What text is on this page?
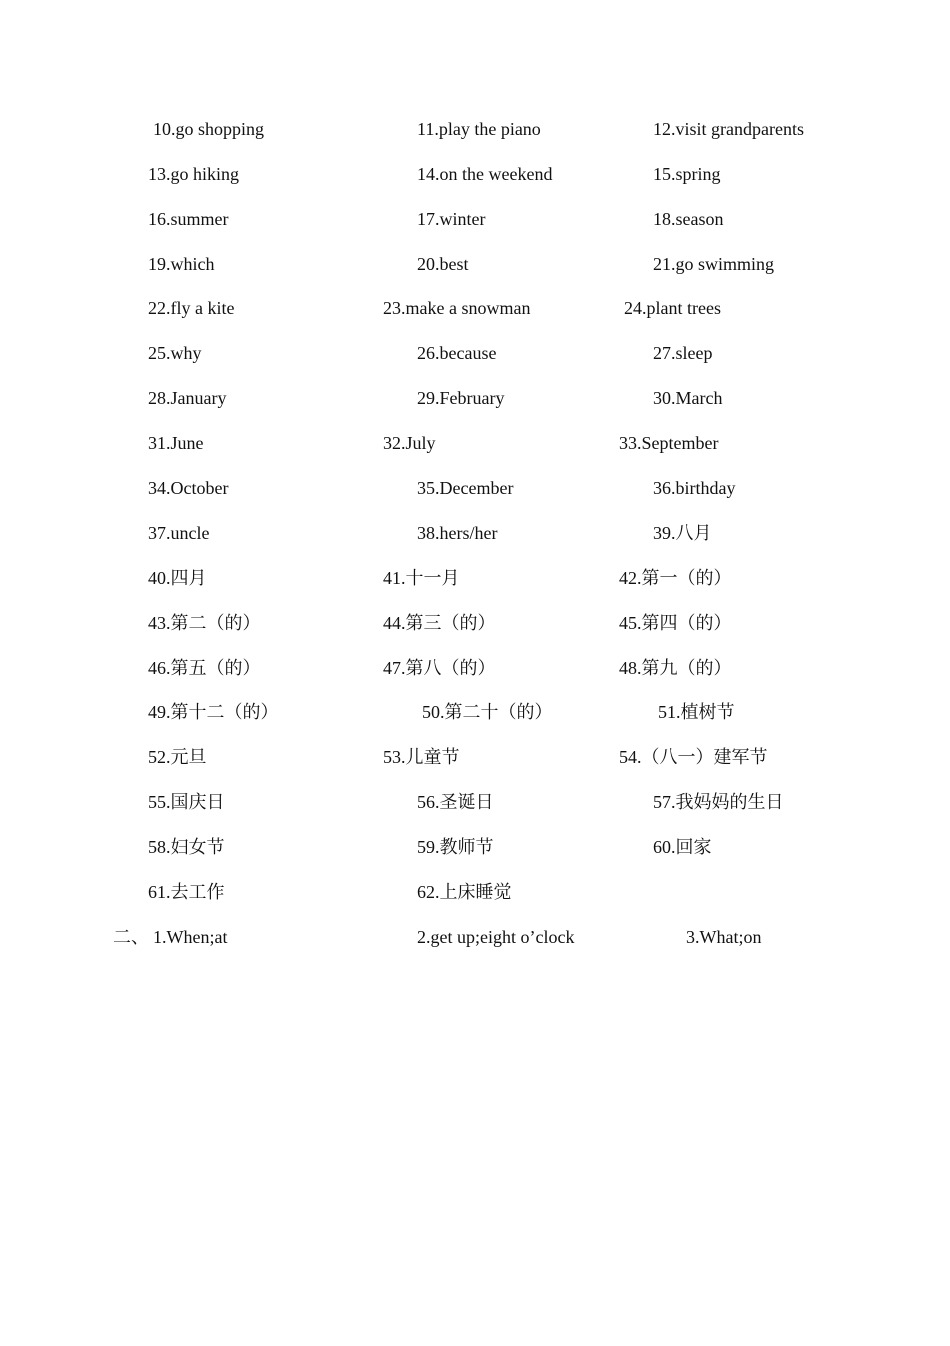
10.go shopping	11.play the piano	12.visit grandparents
13.go hiking	14.on the weekend	15.spring
16.summer	17.winter	18.season
19.which	20.best	21.go swimming
22.fly a kite	23.make a snowman	24.plant trees
25.why	26.because	27.sleep
28.January	29.February	30.March
31.June	32.July	33.September
34.October	35.December	36.birthday
37.uncle	38.hers/her	39.八月
40.四月	41.十一月	42.第一（的）
43.第二（的）	44.第三（的）	45.第四（的）
46.第五（的）	47.第八（的）	48.第九（的）
49.第十二（的）	50.第二十（的）	51.植树节
52.元旦	53.儿童节	54.（八一）建军节
55.国庆日	56.圣诞日	57.我妈妈的生日
58.妇女节	59.教师节	60.回家
61.去工作	62.上床睡觉
二、 1.When;at	2.get up;eight o’clock	3.What;on
